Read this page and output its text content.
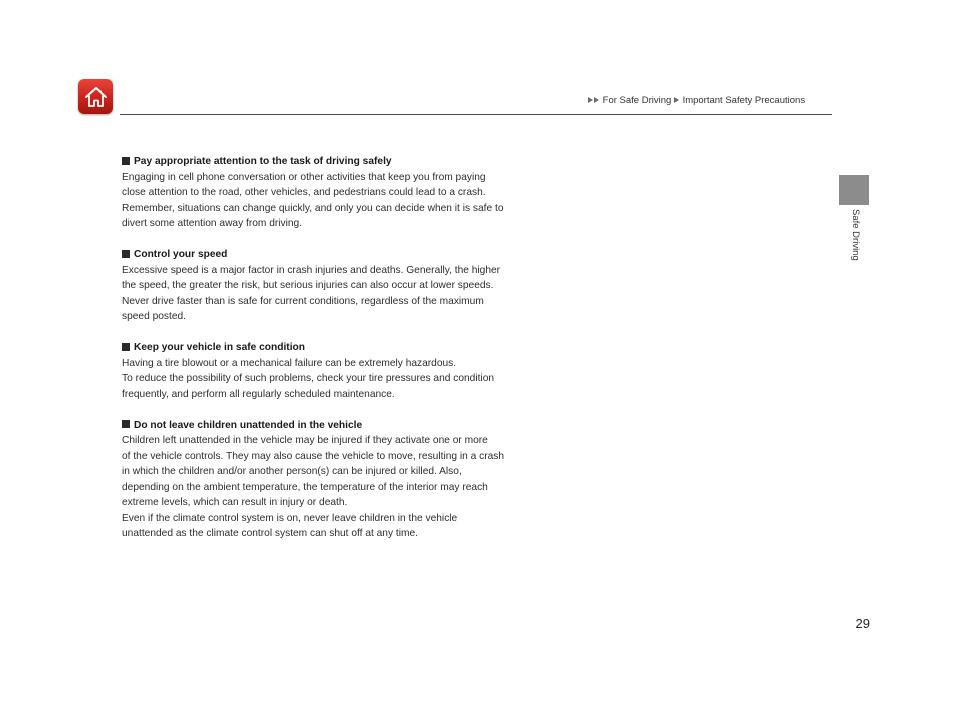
For Safe Driving Important Safety Precautions
Safe Driving
Pay appropriate attention to the task of driving safely
Engaging in cell phone conversation or other activities that keep you from paying
close attention to the road, other vehicles, and pedestrians could lead to a crash.
Remember, situations can change quickly, and only you can decide when it is safe to
divert some attention away from driving.
Control your speed
Excessive speed is a major factor in crash injuries and deaths. Generally, the higher
the speed, the greater the risk, but serious injuries can also occur at lower speeds.
Never drive faster than is safe for current conditions, regardless of the maximum
speed posted.
Keep your vehicle in safe condition
Having a tire blowout or a mechanical failure can be extremely hazardous.
To reduce the possibility of such problems, check your tire pressures and condition
frequently, and perform all regularly scheduled maintenance.
Do not leave children unattended in the vehicle
Children left unattended in the vehicle may be injured if they activate one or more
of the vehicle controls. They may also cause the vehicle to move, resulting in a crash
in which the children and/or another person(s) can be injured or killed. Also,
depending on the ambient temperature, the temperature of the interior may reach
extreme levels, which can result in injury or death.
Even if the climate control system is on, never leave children in the vehicle
unattended as the climate control system can shut off at any time.
29
